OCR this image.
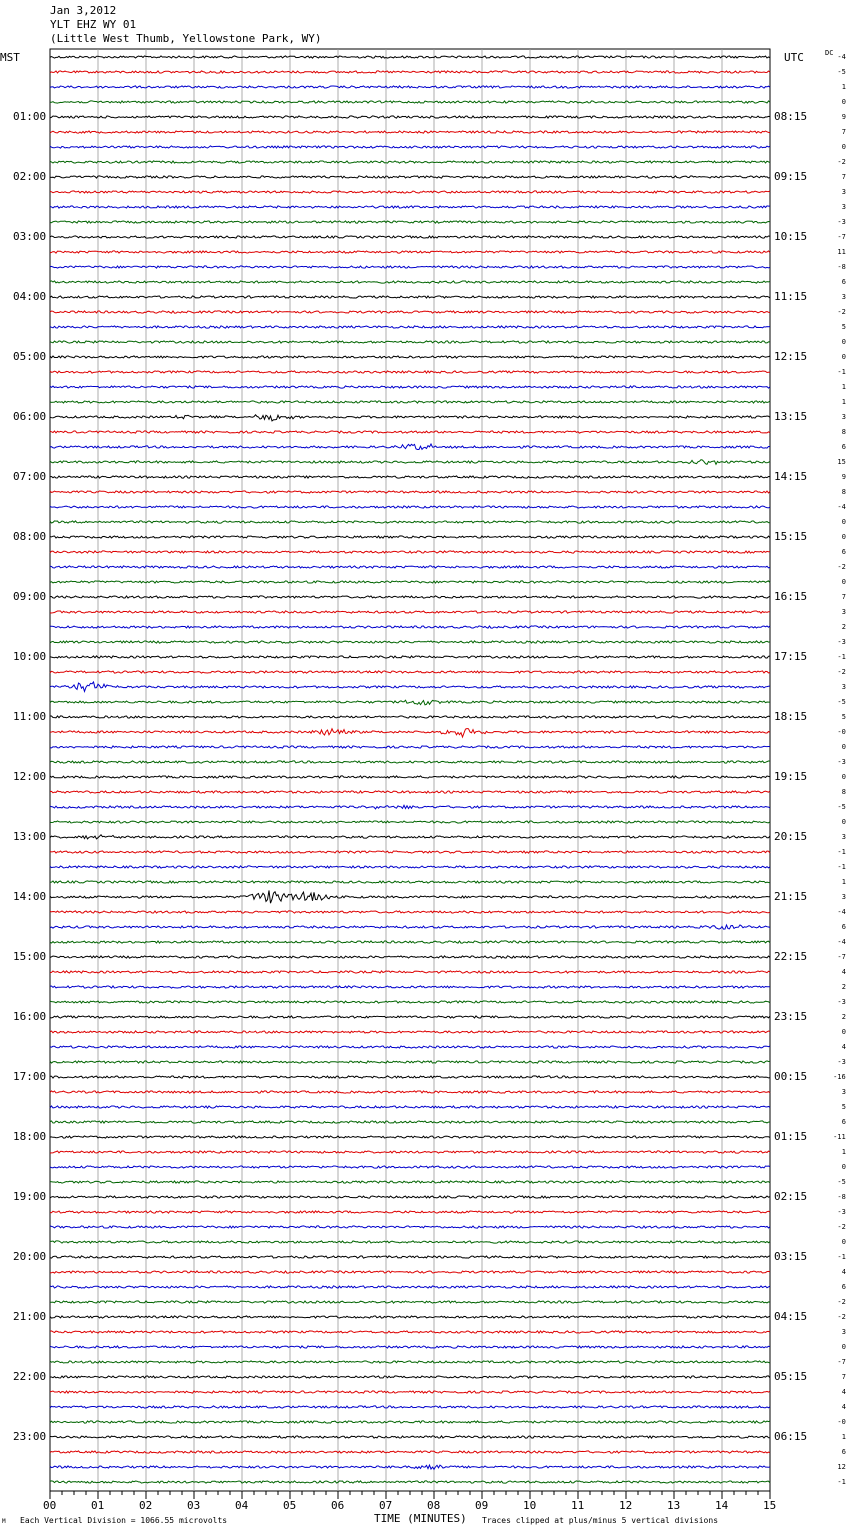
Jan 3,2012
YLT EHZ WY 01
(Little West Thumb, Yellowstone Park, WY)
MST	UTC	DC
01:00
02:00
03:00
04:00
05:00
06:00
07:00
08:00
09:00
10:00
11:00
12:00
13:00
14:00
15:00
16:00
17:00
18:00
19:00
20:00
21:00
22:00
23:00
08:15
09:15
10:15
11:15
12:15
13:15
14:15
15:15
16:15
17:15
18:15
19:15
20:15
21:15
22:15
23:15
00:15
01:15
02:15
03:15
04:15
05:15
06:15
-4
-5
1
0
9
7
0
-2
7
3
3
-3
-7
11
-8
6
3
-2
5
0
0
-1
1
1
3
8
6
15
9
8
-4
0
0
6
-2
0
7
3
2
-3
-1
-2
3
-5
5
-0
0
-3
0
8
-5
0
3
-1
-1
1
3
-4
6
-4
-7
4
2
-3
2
0
4
-3
-16
3
5
6
-11
1
0
-5
-8
-3
-2
0
-1
4
6
-2
-2
3
0
-7
7
4
4
-0
1
6
12
-1
00	01	02	03	04	05	06	07	08	09	10	11	12	13	14	15
M Each Vertical Division = 1066.55 microvolts	TIME (MINUTES) Traces clipped at plus/minus 5 vertical divisions
